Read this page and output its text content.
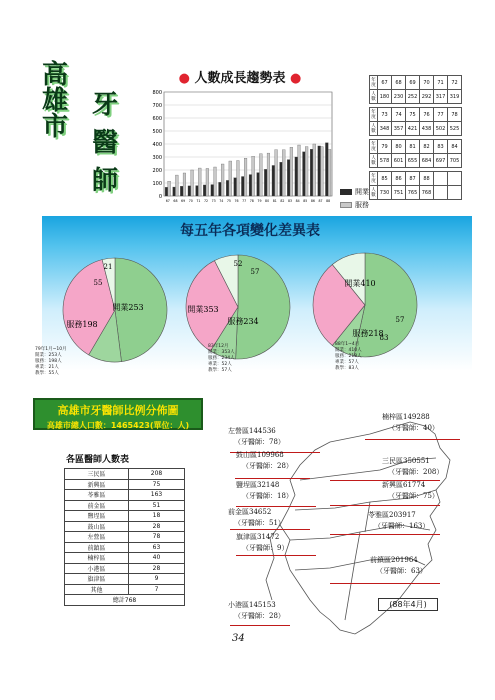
高
雄
市
牙
醫
師
● 人數成長趨勢表 ●
0
100
200
300
400
500
600
700
800
67 68 69 70 71 72 73 74 75 76 77 78 79 80 81 82 83 84 85 86 87 88
開業
服務
年度	67	68	69	70	71	72
人數	180	230	252	292	317	319
年度	73	74	75	76	77	78
人數	348	357	421	438	502	525
年度	79	80	81	82	83	84
人數	578	601	655	684	697	705
年度	85	86	87	88		
人數	730	751	765	768		
每五年各項變化差異表
開業253
服務198
55
21
79年1月~10月
開業：253人
服務：198人
專業：21人
教學：55人
開業353
服務234
57
52
83年12月
開業：353人
服務：234人
專業：52人
教學：57人
開業410
服務218
57
83
88年1~4月
開業：410人
服務：218人
專業：57人
教學：83人
高雄市牙醫師比例分佈圖
高雄市總人口數：1465423(單位：人)
各區醫師人數表
三民區	208
新興區	75
苓雅區	163
前金區	51
鹽埕區	18
鼓山區	28
左營區	78
前鎮區	63
楠梓區	40
小港區	28
旗津區	9
其他	7
總計768	
楠梓區149288
（牙醫師：40）
左營區144536
（牙醫師：78）
鼓山區109968
（牙醫師：28）
三民區350551
（牙醫師：208）
鹽埕區32148
（牙醫師：18）
新興區61774
（牙醫師：75）
前金區34652
（牙醫師：51）
苓雅區203917
（牙醫師：163）
旗津區31472
（牙醫師：9）
前鎮區201964
（牙醫師：63）
小港區145153
（牙醫師：28）
(88年4月)
34
